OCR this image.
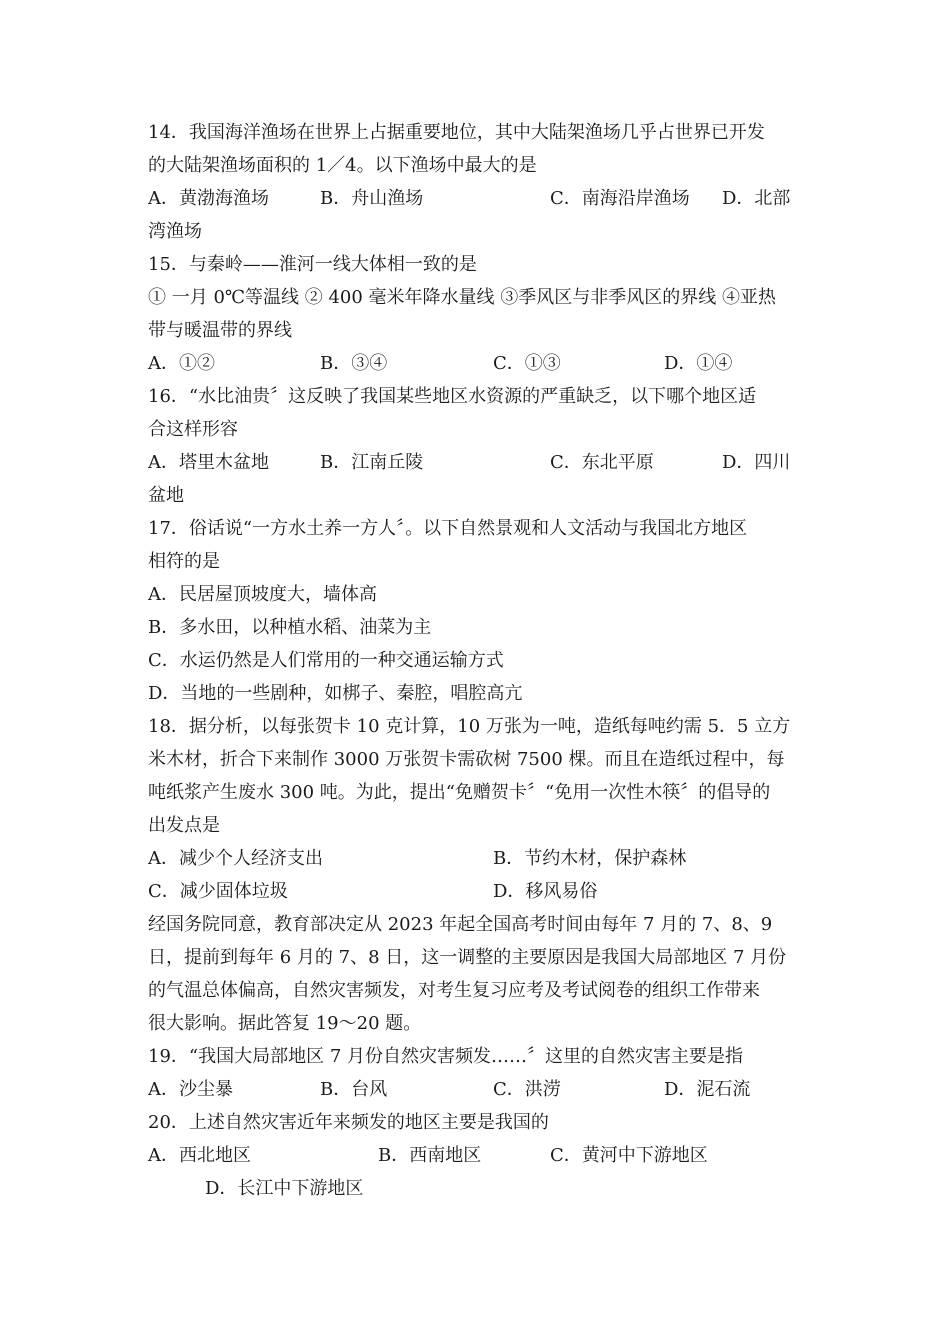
14．我国海洋渔场在世界上占据重要地位，其中大陆架渔场几乎占世界已开发
的大陆架渔场面积的 1／4。以下渔场中最大的是
A．黄渤海渔场	B．舟山渔场	C．南海沿岸渔场 D．北部
湾渔场
15．与秦岭——淮河一线大体相一致的是
① 一月 0℃等温线 ② 400 毫米年降水量线 ③季风区与非季风区的界线 ④亚热
带与暖温带的界线
A．①②	B．③④	C．①③	D．①④
16．“水比油贵〞这反映了我国某些地区水资源的严重缺乏，以下哪个地区适
合这样形容
A．塔里木盆地	B．江南丘陵	C．东北平原	D．四川
盆地
17．俗话说“一方水土养一方人〞。以下自然景观和人文活动与我国北方地区
相符的是
A．民居屋顶坡度大，墙体高
B．多水田，以种植水稻、油菜为主
C．水运仍然是人们常用的一种交通运输方式
D．当地的一些剧种，如梆子、秦腔，唱腔高亢
18．据分析，以每张贺卡 10 克计算，10 万张为一吨，造纸每吨约需 5．5 立方
米木材，折合下来制作 3000 万张贺卡需砍树 7500 棵。而且在造纸过程中，每
吨纸浆产生废水 300 吨。为此，提出“免赠贺卡〞“免用一次性木筷〞的倡导的
出发点是
A．减少个人经济支出	B．节约木材，保护森林
C．减少固体垃圾	D．移风易俗
经国务院同意，教育部决定从 2023 年起全国高考时间由每年 7 月的 7、8、9
日，提前到每年 6 月的 7、8 日，这一调整的主要原因是我国大局部地区 7 月份
的气温总体偏高，自然灾害频发，对考生复习应考及考试阅卷的组织工作带来
很大影响。据此答复 19～20 题。
19．“我国大局部地区 7 月份自然灾害频发……〞这里的自然灾害主要是指
A．沙尘暴	B．台风	C．洪涝	D．泥石流
20．上述自然灾害近年来频发的地区主要是我国的
A．西北地区	B．西南地区	C．黄河中下游地区
D．长江中下游地区
